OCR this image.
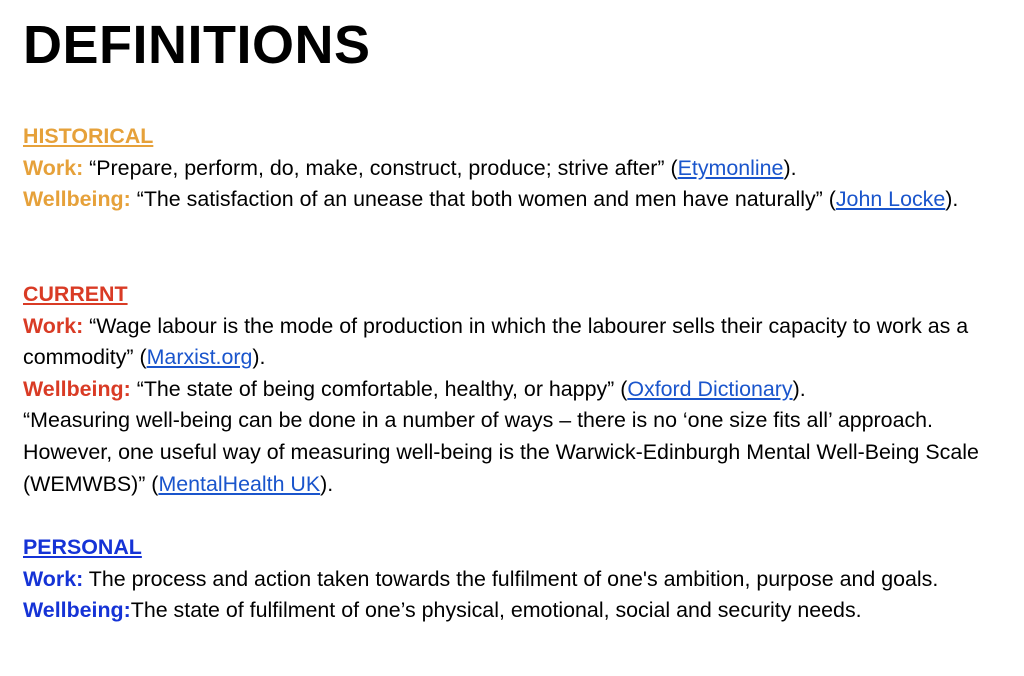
DEFINITIONS
HISTORICAL
Work: “Prepare, perform, do, make, construct, produce; strive after” (Etymonline).
Wellbeing: “The satisfaction of an unease that both women and men have naturally” (John Locke).
CURRENT
Work: “Wage labour is the mode of production in which the labourer sells their capacity to work as a commodity” (Marxist.org).
Wellbeing: “The state of being comfortable, healthy, or happy” (Oxford Dictionary).
“Measuring well-being can be done in a number of ways – there is no ‘one size fits all’ approach. However, one useful way of measuring well-being is the Warwick-Edinburgh Mental Well-Being Scale (WEMWBS)” (MentalHealth UK).
PERSONAL
Work: The process and action taken towards the fulfilment of one's ambition, purpose and goals.
Wellbeing:The state of fulfilment of one’s physical, emotional, social and security needs.
